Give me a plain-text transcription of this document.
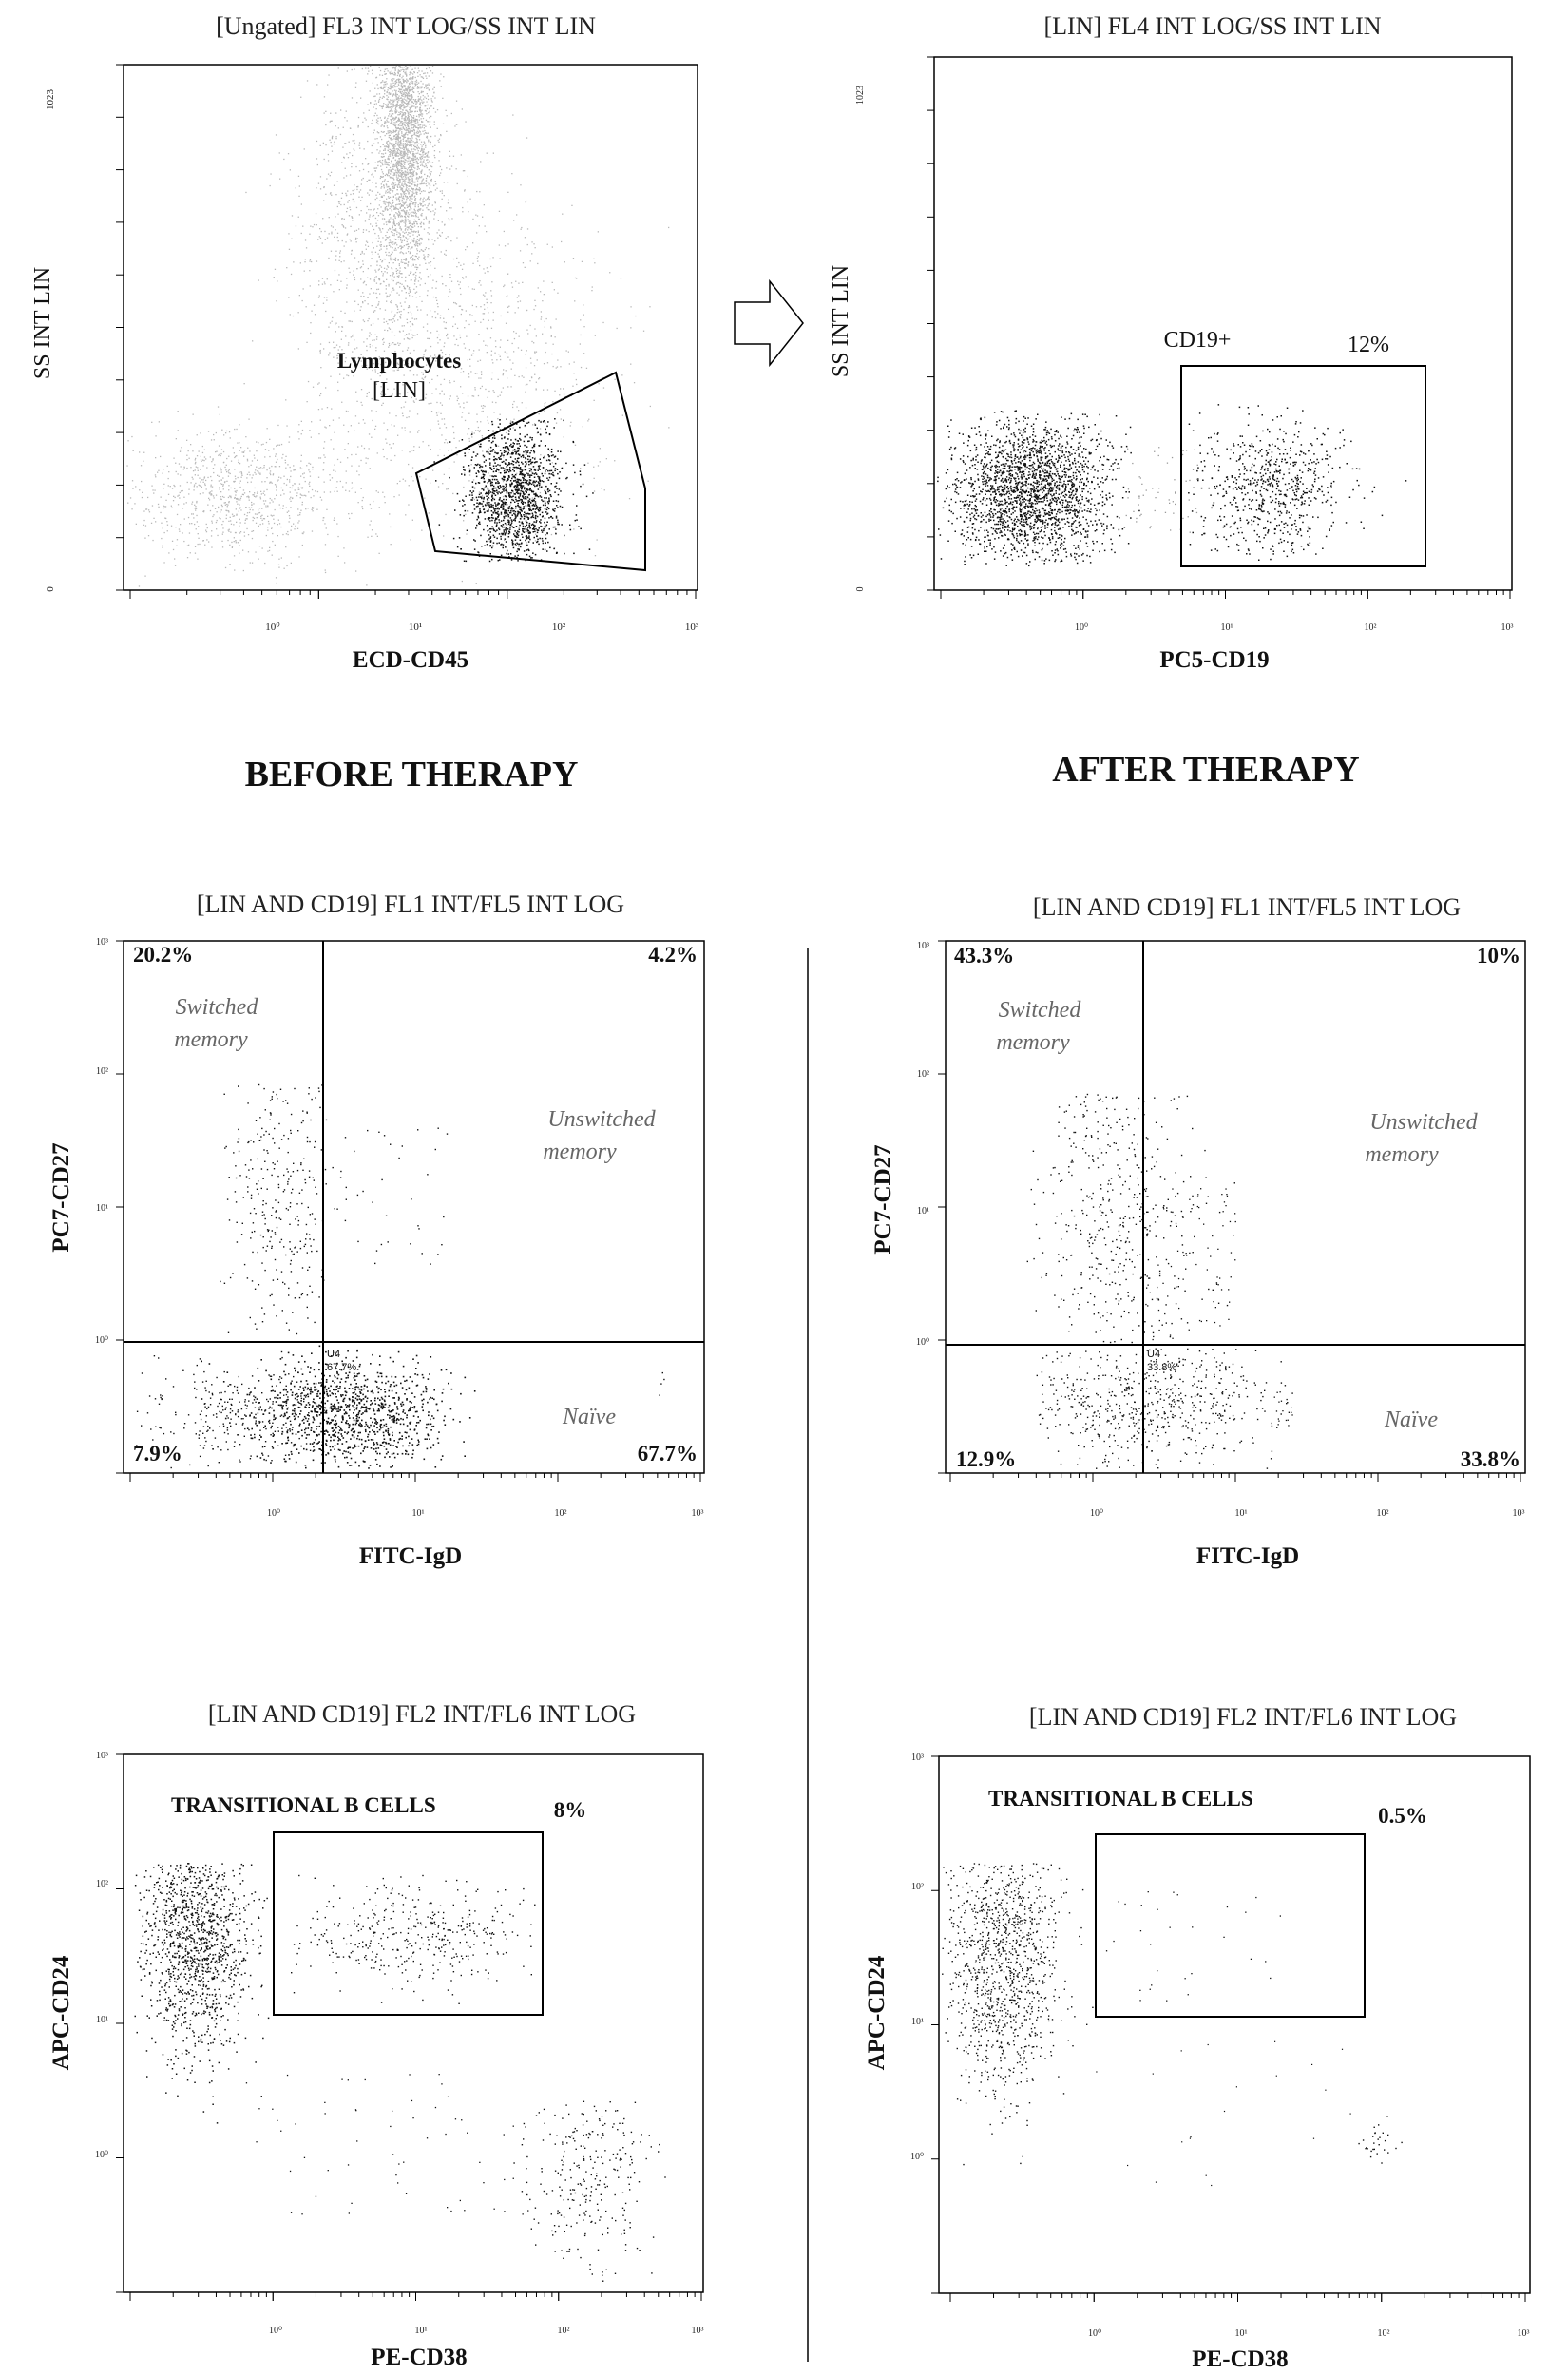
[Ungated] FL3 INT LOG/SS INT LIN
Lymphocytes
[LIN]
10⁰	10¹	10²	10³
0
1023
ECD-CD45
SS INT LIN
[LIN] FL4 INT LOG/SS INT LIN
CD19+	12%
10⁰	10¹	10²	10³
0
1023
PC5-CD19
SS INT LIN
BEFORE THERAPY	AFTER THERAPY
[LIN AND CD19] FL1 INT/FL5 INT LOG
20.2%	4.2%
7.9%	67.7%
Switched
memory
Unswitched
memory
Naïve
U4
67.7%
10⁰	10¹	10²	10³
10³
10²
10¹
10⁰
FITC-IgD
PC7-CD27
[LIN AND CD19] FL1 INT/FL5 INT LOG
43.3%	10%
12.9%	33.8%
Switched
memory
Unswitched
memory
Naïve
U4
33.8%
10⁰	10¹	10²	10³
10³
10²
10¹
10⁰
FITC-IgD
PC7-CD27
[LIN AND CD19] FL2 INT/FL6 INT LOG
TRANSITIONAL B CELLS	8%
10⁰	10¹	10²	10³
10³
10²
10¹
10⁰
PE-CD38
APC-CD24
[LIN AND CD19] FL2 INT/FL6 INT LOG
TRANSITIONAL B CELLS
0.5%
10⁰	10¹	10²	10³
10³
10²
10¹
10⁰
PE-CD38
APC-CD24
